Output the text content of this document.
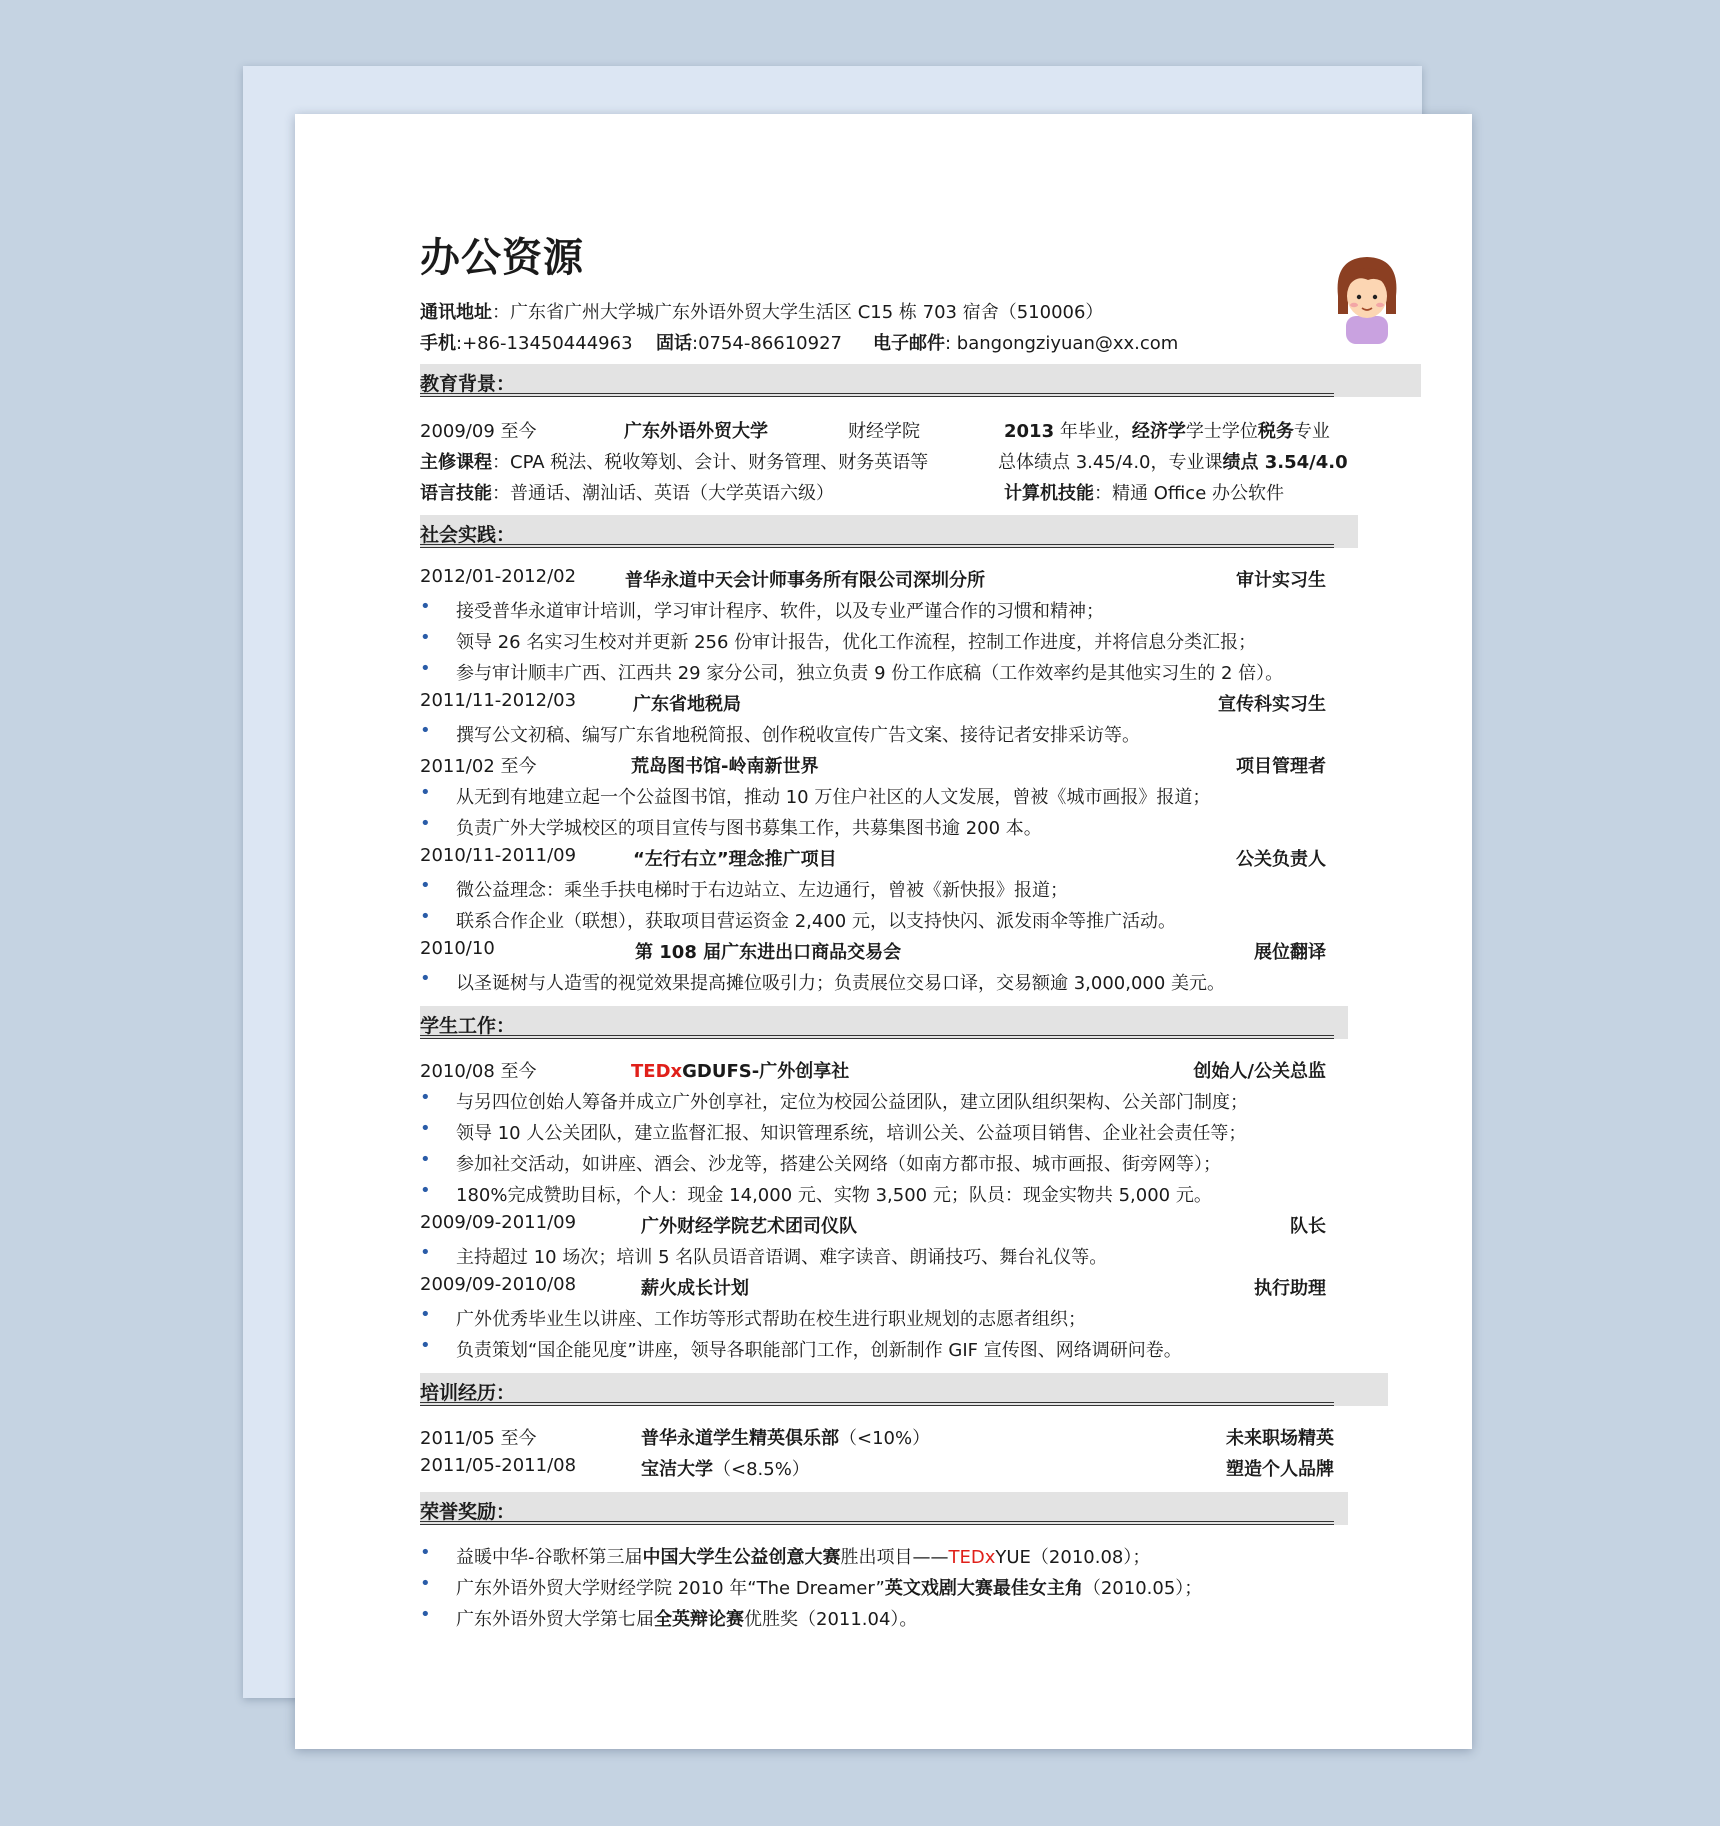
办公资源
通讯地址：广东省广州大学城广东外语外贸大学生活区 C15 栋 703 宿舍（510006）
手机:+86-13450444963 固话:0754-86610927 电子邮件: bangongziyuan@xx.com
教育背景：
2009/09 至今	广东外语外贸大学	财经学院	2013 年毕业，经济学学士学位税务专业
主修课程：CPA 税法、税收筹划、会计、财务管理、财务英语等	总体绩点 3.45/4.0，专业课绩点 3.54/4.0
语言技能：普通话、潮汕话、英语（大学英语六级）	计算机技能：精通 Office 办公软件
社会实践：
2012/01-2012/02	普华永道中天会计师事务所有限公司深圳分所	审计实习生
• 接受普华永道审计培训，学习审计程序、软件，以及专业严谨合作的习惯和精神；
• 领导 26 名实习生校对并更新 256 份审计报告，优化工作流程，控制工作进度，并将信息分类汇报；
• 参与审计顺丰广西、江西共 29 家分公司，独立负责 9 份工作底稿（工作效率约是其他实习生的 2 倍）。
2011/11-2012/03	广东省地税局	宣传科实习生
• 撰写公文初稿、编写广东省地税简报、创作税收宣传广告文案、接待记者安排采访等。
2011/02 至今	荒岛图书馆-岭南新世界	项目管理者
• 从无到有地建立起一个公益图书馆，推动 10 万住户社区的人文发展，曾被《城市画报》报道；
• 负责广外大学城校区的项目宣传与图书募集工作，共募集图书逾 200 本。
2010/11-2011/09	“左行右立”理念推广项目	公关负责人
• 微公益理念：乘坐手扶电梯时于右边站立、左边通行，曾被《新快报》报道；
• 联系合作企业（联想），获取项目营运资金 2,400 元，以支持快闪、派发雨伞等推广活动。
2010/10	第 108 届广东进出口商品交易会	展位翻译
• 以圣诞树与人造雪的视觉效果提高摊位吸引力；负责展位交易口译，交易额逾 3,000,000 美元。
学生工作：
2010/08 至今	TEDxGDUFS-广外创享社	创始人/公关总监
• 与另四位创始人筹备并成立广外创享社，定位为校园公益团队，建立团队组织架构、公关部门制度；
• 领导 10 人公关团队，建立监督汇报、知识管理系统，培训公关、公益项目销售、企业社会责任等；
• 参加社交活动，如讲座、酒会、沙龙等，搭建公关网络（如南方都市报、城市画报、街旁网等）；
• 180%完成赞助目标，个人：现金 14,000 元、实物 3,500 元；队员：现金实物共 5,000 元。
2009/09-2011/09	广外财经学院艺术团司仪队	队长
• 主持超过 10 场次；培训 5 名队员语音语调、难字读音、朗诵技巧、舞台礼仪等。
2009/09-2010/08	薪火成长计划	执行助理
• 广外优秀毕业生以讲座、工作坊等形式帮助在校生进行职业规划的志愿者组织；
• 负责策划“国企能见度”讲座，领导各职能部门工作，创新制作 GIF 宣传图、网络调研问卷。
培训经历：
2011/05 至今	普华永道学生精英俱乐部（<10%）	未来职场精英
2011/05-2011/08	宝洁大学（<8.5%）	塑造个人品牌
荣誉奖励：
• 益暖中华-谷歌杯第三届中国大学生公益创意大赛胜出项目——TEDxYUE（2010.08）；
• 广东外语外贸大学财经学院 2010 年“The Dreamer”英文戏剧大赛最佳女主角（2010.05）；
• 广东外语外贸大学第七届全英辩论赛优胜奖（2011.04）。
